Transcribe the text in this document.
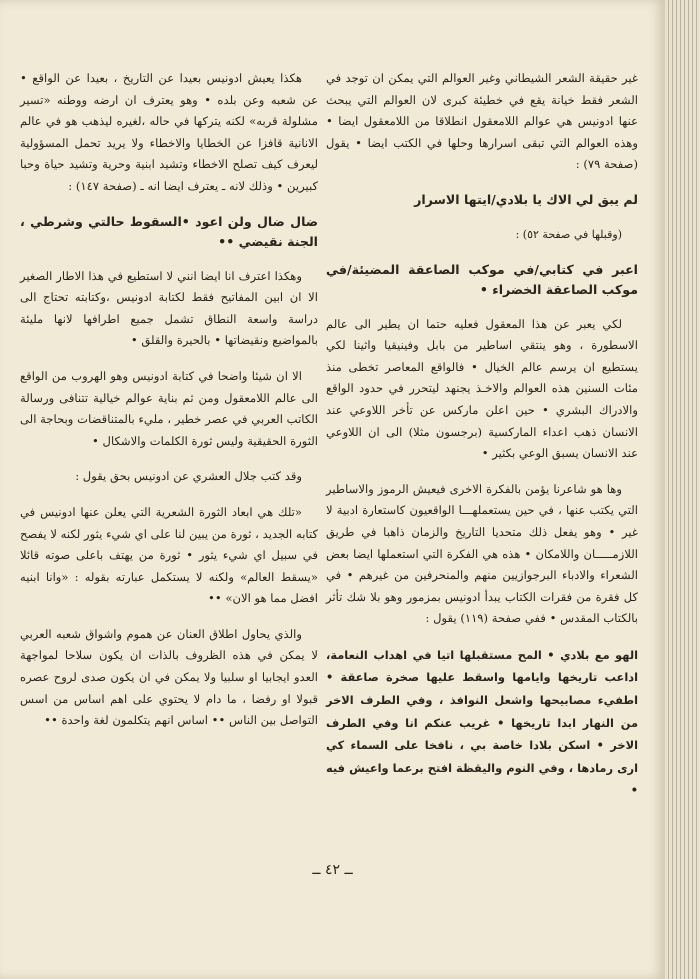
غير حقيقة الشعر الشيطاني وغير العوالم التي يمكن ان توجد في الشعر فقط خيانة يقع في خطيئة كبرى لان العوالم التي يبحث عنها ادونيس هي عوالم اللامعقول انطلاقا من اللامعقول ايضا • وهذه العوالم التي تبقى اسرارها وحلها في الكتب ايضا • يقول (صفحة ٧٩) :

لم يبق لي الاك يا بلادي/ايتها الاسرار

(وقبلها في صفحة ٥٢) :

اعبر في كتابي/في موكب الصاعقة المضيئة/في موكب الصاعقة الخضراء •

لكي يعبر عن هذا المعقول فعليه حتما ان يطير الى عالم الاسطورة ، وهو ينتقي اساطير من بابل وفينيقيا واثينا لكي يستطيع ان يرسم عالم الخيال • فالواقع المعاصر تخطى منذ مئات السنين هذه العوالم والاخـذ يجنهد ليتحرر في حدود الواقع والادراك البشري • حين اعلن ماركس عن تأخر اللاوعي عند الانسان ذهب اعداء الماركسية (برجسون مثلا) الى ان اللاوعي عند الانسان يسبق الوعي بكثير •

وها هو شاعرنا يؤمن بالفكرة الاخرى فيعيش الرموز والاساطير التي يكتب عنها ، في حين يستعملهـــا الواقعيون كاستعارة ادبية لا غير • وهو يفعل ذلك متحديا التاريخ والزمان ذاهبا في طريق اللازمـــــان واللامكان • هذه هي الفكرة التي استعملها ايضا بعض الشعراء والادباء البرجوازيين منهم والمنحرفين من غيرهم • في كل فقرة من فقرات الكتاب يبدأ ادونيس بمزمور وهو بلا شك تأثر بالكتاب المقدس • ففي صفحة (١١٩) يقول :

الهو مع بلادي • المح مستقبلها اتيا في اهداب النعامة، اداعب تاريخها وايامها واسقط عليها صخرة صاعقة • اطفيء مصابيحها واشعل النوافذ ، وفي الطرف الاخر من النهار ابدا تاريخها • غريب عنكم انا وفي الطرف الاخر • اسكن بلادا خاصة بي ، نافخا على السماء كي ارى رمادها ، وفي النوم واليقظة افتح برعما واعيش فيه •

هكذا يعيش ادونيس بعيدا عن التاريخ ، بعيدا عن الواقع • عن شعبه وعن بلده • وهو يعترف ان ارضه ووطنه «تسير مشلولة قربه» لكنه يتركها في حاله ،لغيره ليذهب هو في عالم الانانية قافزا عن الخطايا والاخطاء ولا يريد تحمل المسؤولية ليعرف كيف تصلح الاخطاء وتشيد ابنية وحرية وتشيد حياة وحبا كبيرين • وذلك لانه ـ يعترف ايضا انه ـ (صفحة ١٤٧) :

ضال ضال ولن اعود •السقوط حالتي وشرطي ، الجنة نقيضي ••

وهكذا اعترف انا ايضا انني لا استطيع في هذا الاطار الصغير الا ان ابين المفاتيح فقط لكتابة ادونيس ،وكتابته تحتاج الى دراسة واسعة النطاق تشمل جميع اطرافها لانها مليئة بالمواضيع ونقيضاتها • بالحيرة والقلق •

الا ان شيئا واضحا في كتابة ادونيس وهو الهروب من الواقع الى عالم اللامعقول ومن ثم بناية عوالم خيالية تتنافى ورسالة الكاتب العربي في عصر خطير ، مليء بالمتناقضات وبحاجة الى الثورة الحقيقية وليس ثورة الكلمات والاشكال •

وقد كتب جلال العشري عن ادونيس بحق يقول :

«تلك هي ابعاد الثورة الشعرية التي يعلن عنها ادونيس في كتابه الجديد ، ثورة من يبين لنا على اي شيء يثور لكنه لا يفصح في سبيل اي شيء يثور • ثورة من يهتف باعلى صوته قائلا «يسقط العالم» ولكنه لا يستكمل عبارته بقوله : «وانا ابنيه افضل مما هو الان» ••

والذي يحاول اطلاق العنان عن هموم واشواق شعبه العربي لا يمكن في هذه الظروف بالذات ان يكون سلاحا لمواجهة العدو ايجابيا او سلبيا ولا يمكن في ان يكون صدى لروح عصره قبولا او رفضا ، ما دام لا يحتوي على اهم اساس من اسس التواصل بين الناس •• اساس انهم يتكلمون لغة واحدة ••

ــ ٤٢ ــ
